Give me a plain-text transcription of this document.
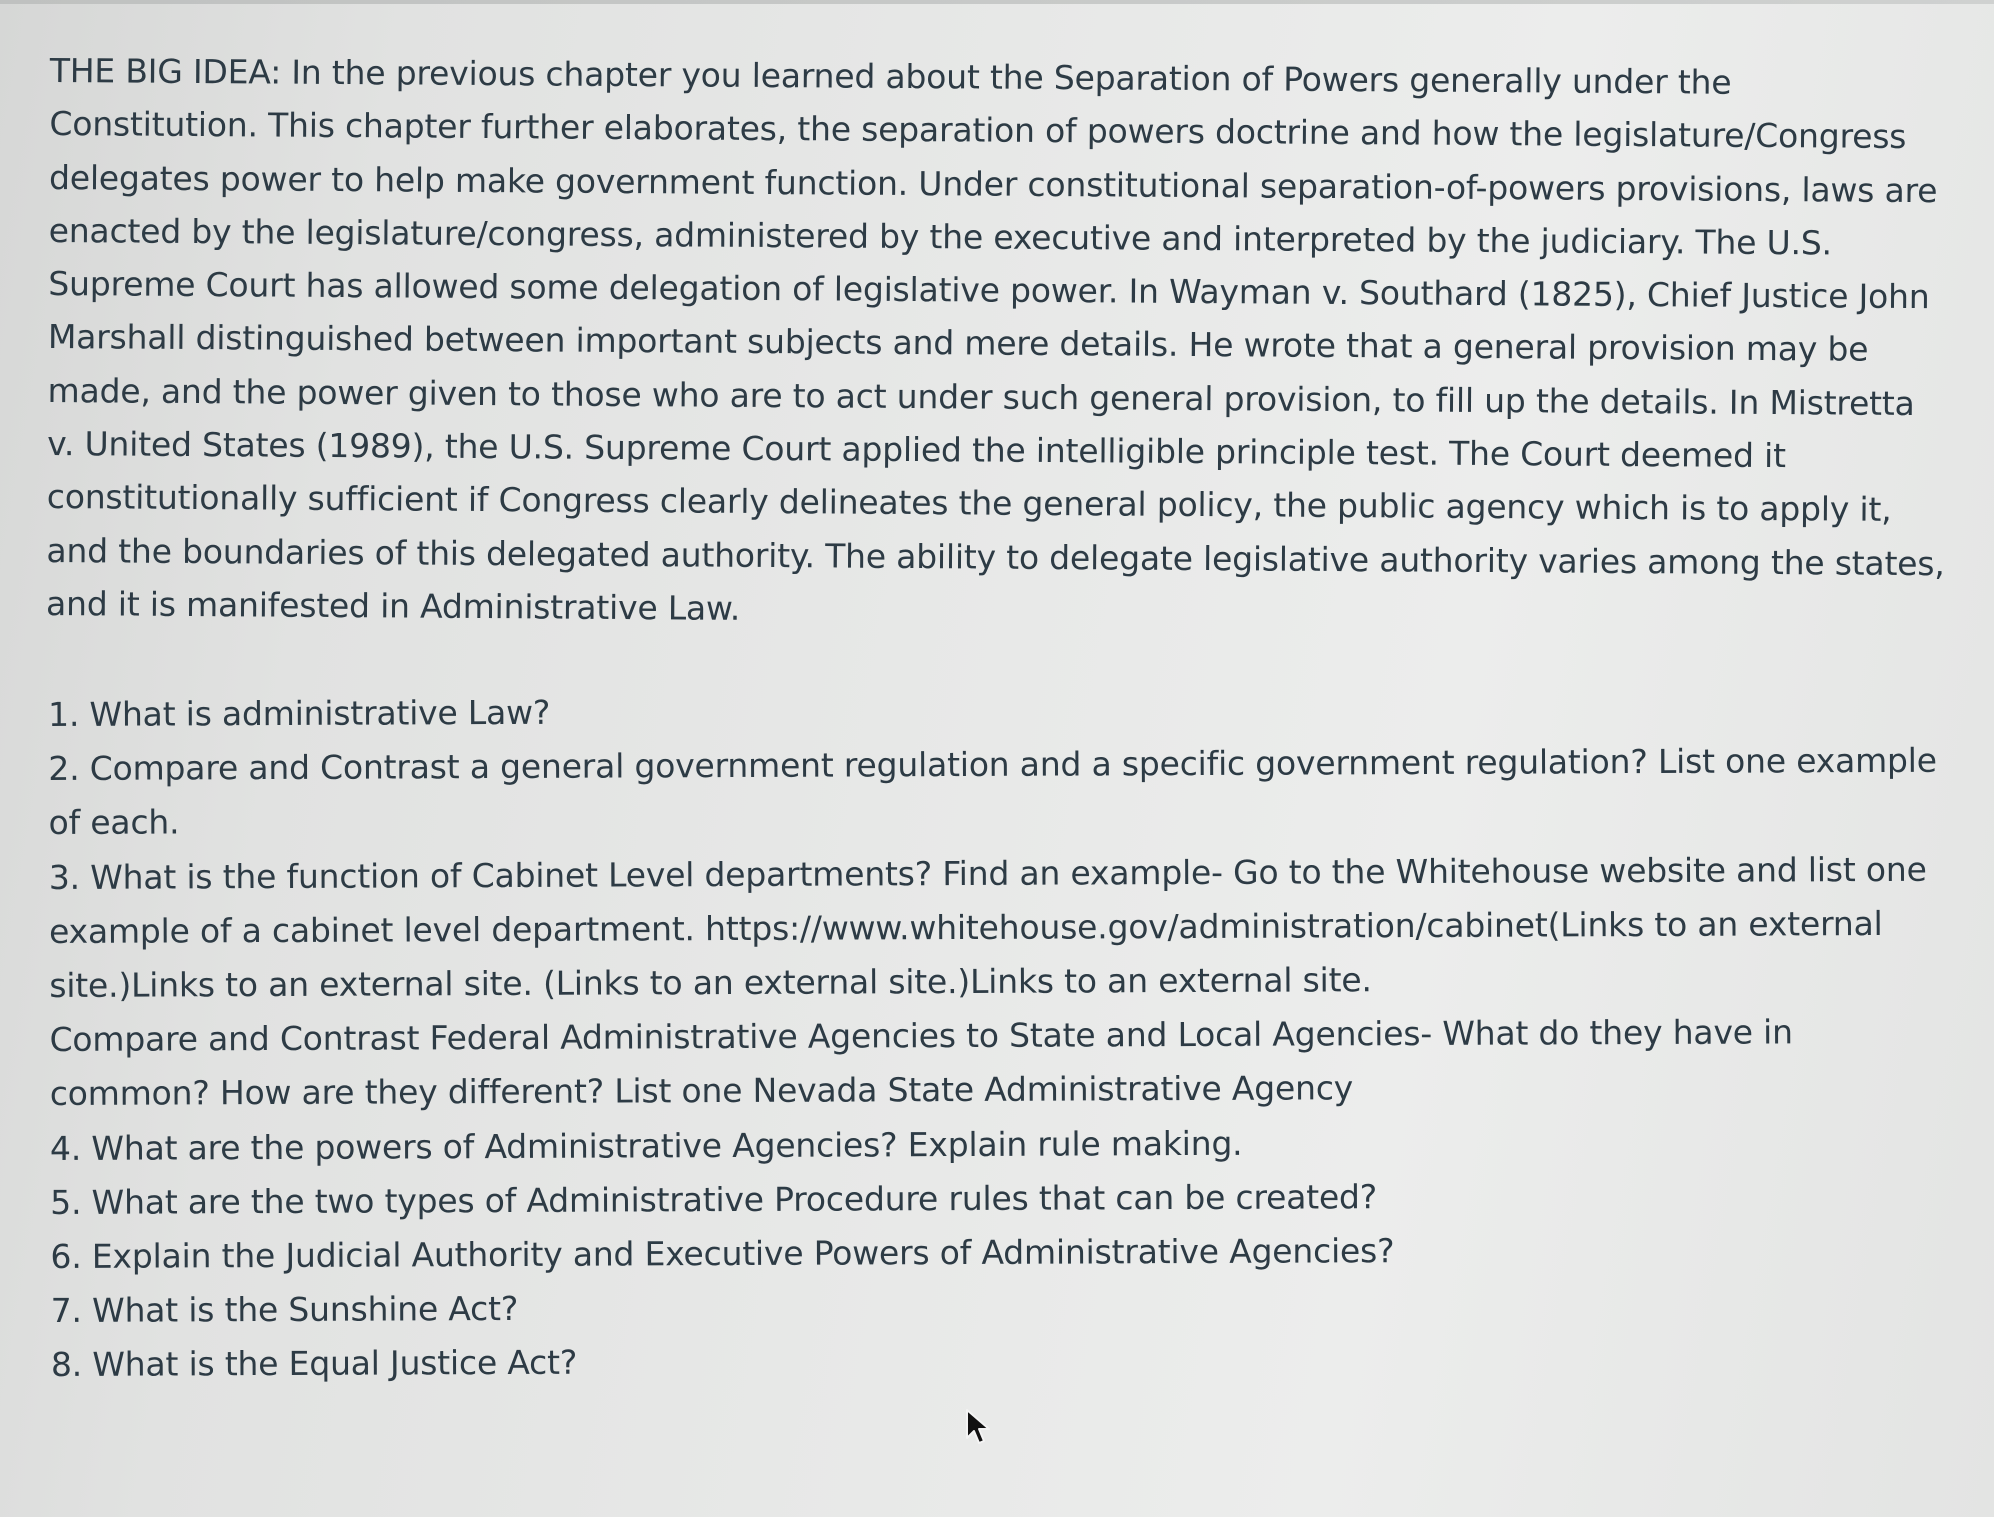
THE BIG IDEA: In the previous chapter you learned about the Separation of Powers generally under the Constitution. This chapter further elaborates, the separation of powers doctrine and how the legislature/Congress delegates power to help make government function. Under constitutional separation-of-powers provisions, laws are enacted by the legislature/congress, administered by the executive and interpreted by the judiciary. The U.S. Supreme Court has allowed some delegation of legislative power. In Wayman v. Southard (1825), Chief Justice John Marshall distinguished between important subjects and mere details. He wrote that a general provision may be made, and the power given to those who are to act under such general provision, to fill up the details. In Mistretta v. United States (1989), the U.S. Supreme Court applied the intelligible principle test. The Court deemed it constitutionally sufficient if Congress clearly delineates the general policy, the public agency which is to apply it, and the boundaries of this delegated authority. The ability to delegate legislative authority varies among the states, and it is manifested in Administrative Law.

1. What is administrative Law?

2. Compare and Contrast a general government regulation and a specific government regulation? List one example of each.

3. What is the function of Cabinet Level departments? Find an example- Go to the Whitehouse website and list one example of a cabinet level department. https://www.whitehouse.gov/administration/cabinet(Links to an external site.)Links to an external site. (Links to an external site.)Links to an external site.

Compare and Contrast Federal Administrative Agencies to State and Local Agencies- What do they have in common? How are they different? List one Nevada State Administrative Agency

4. What are the powers of Administrative Agencies? Explain rule making.

5. What are the two types of Administrative Procedure rules that can be created?

6. Explain the Judicial Authority and Executive Powers of Administrative Agencies?

7. What is the Sunshine Act?

8. What is the Equal Justice Act?
